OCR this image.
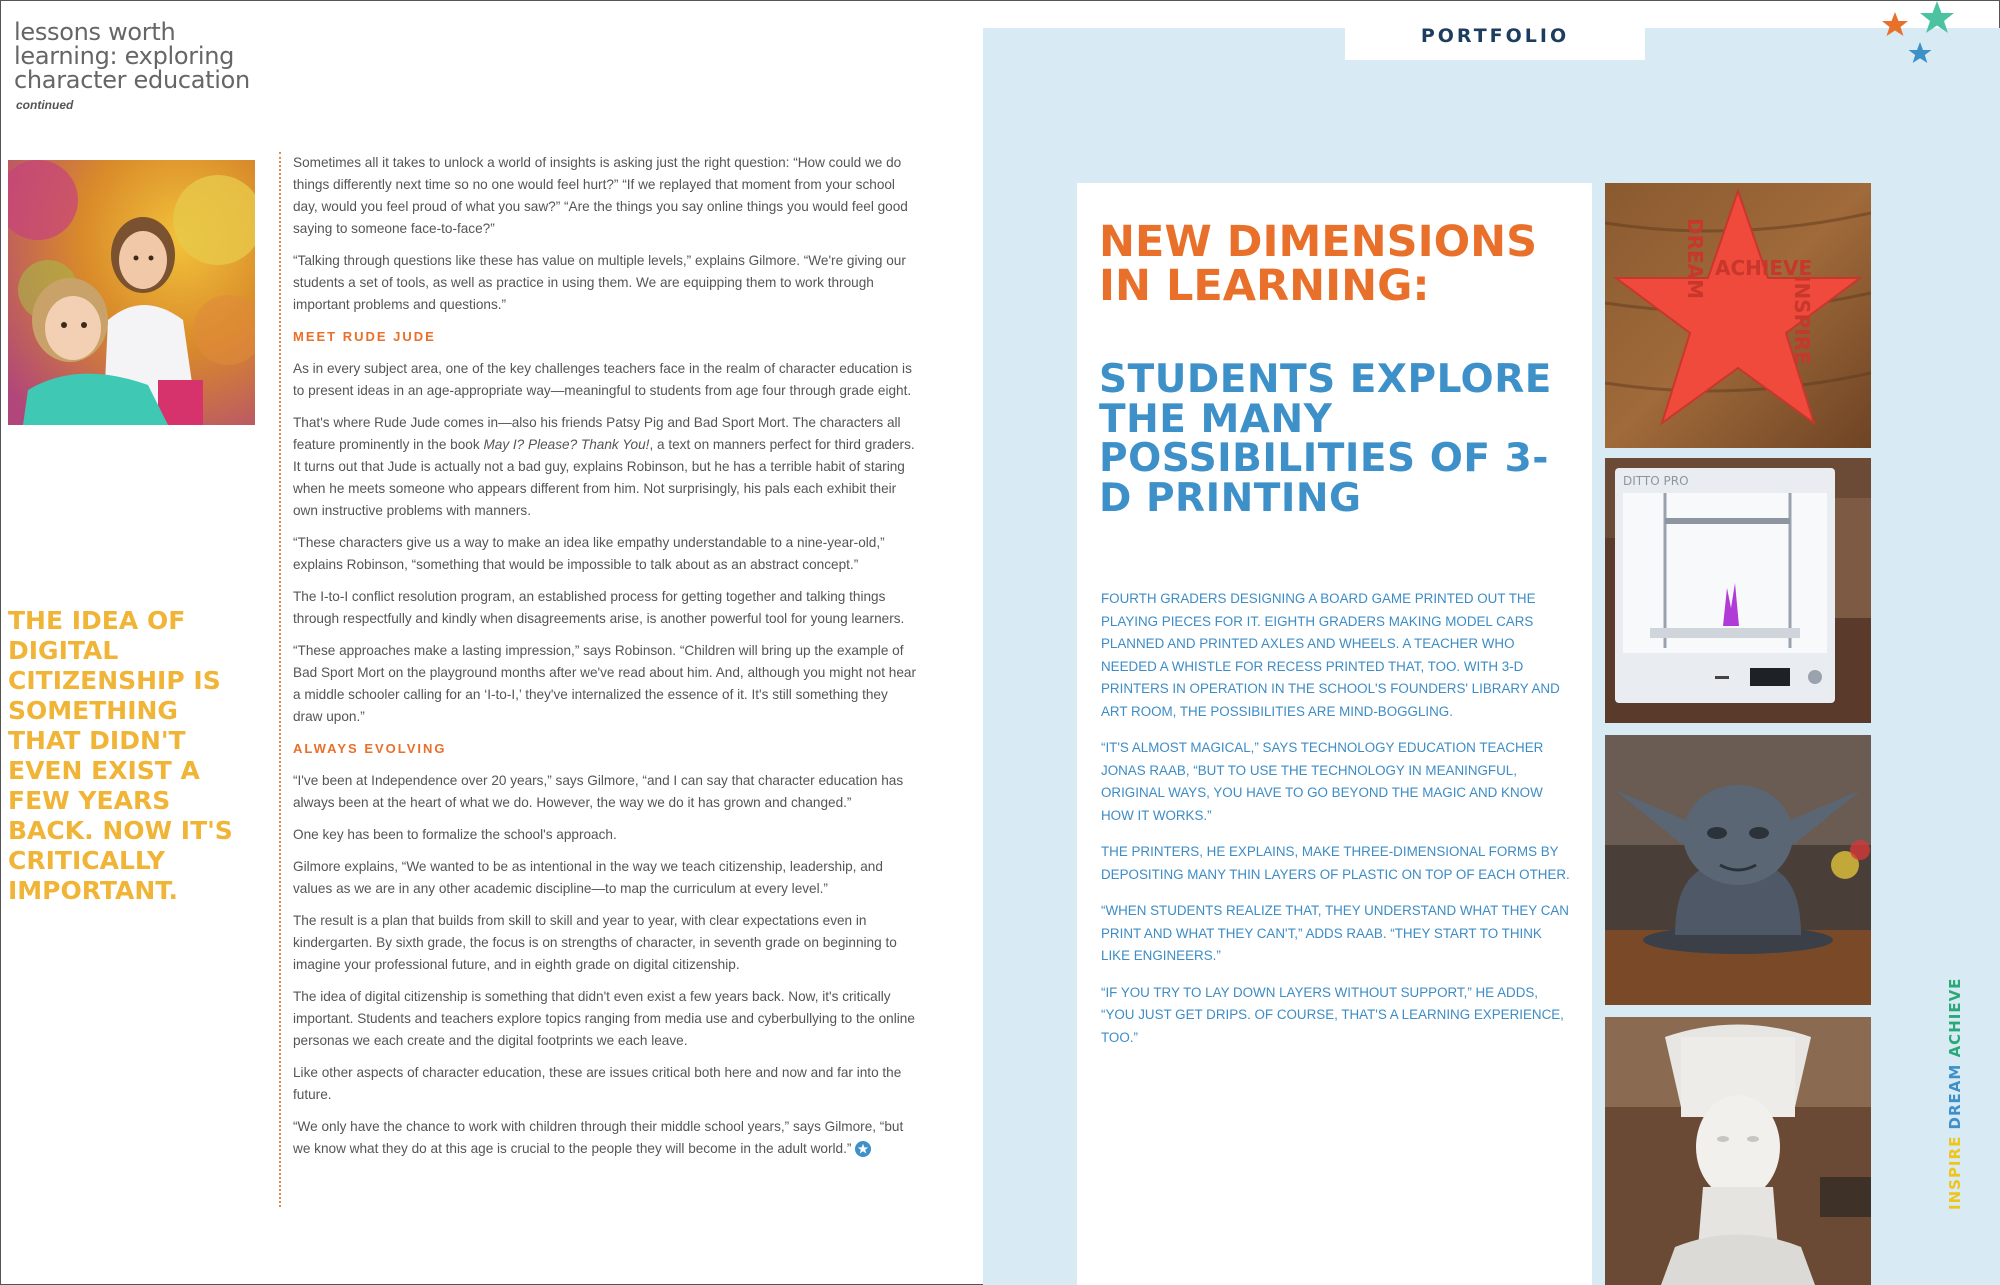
lessons worth learning: exploring character education
continued
THE IDEA OF DIGITAL CITIZENSHIP IS SOMETHING THAT DIDN'T EVEN EXIST A FEW YEARS BACK. NOW IT'S CRITICALLY IMPORTANT.

Sometimes all it takes to unlock a world of insights is asking just the right question: “How could we do things differently next time so no one would feel hurt?” “If we replayed that moment from your school day, would you feel proud of what you saw?” “Are the things you say online things you would feel good saying to someone face-to-face?”

“Talking through questions like these has value on multiple levels,” explains Gilmore. “We're giving our students a set of tools, as well as practice in using them. We are equipping them to work through important problems and questions.”

MEET RUDE JUDE

As in every subject area, one of the key challenges teachers face in the realm of character education is to present ideas in an age-appropriate way—meaningful to students from age four through grade eight.

That's where Rude Jude comes in—also his friends Patsy Pig and Bad Sport Mort. The characters all feature prominently in the book May I? Please? Thank You!, a text on manners perfect for third graders. It turns out that Jude is actually not a bad guy, explains Robinson, but he has a terrible habit of staring when he meets someone who appears different from him. Not surprisingly, his pals each exhibit their own instructive problems with manners.

“These characters give us a way to make an idea like empathy understandable to a nine-year-old,” explains Robinson, “something that would be impossible to talk about as an abstract concept.”

The I-to-I conflict resolution program, an established process for getting together and talking things through respectfully and kindly when disagreements arise, is another powerful tool for young learners.

“These approaches make a lasting impression,” says Robinson. “Children will bring up the example of Bad Sport Mort on the playground months after we've read about him. And, although you might not hear a middle schooler calling for an ‘I-to-I,’ they've internalized the essence of it. It's still something they draw upon.”

ALWAYS EVOLVING

“I've been at Independence over 20 years,” says Gilmore, “and I can say that character education has always been at the heart of what we do. However, the way we do it has grown and changed.”

One key has been to formalize the school's approach.

Gilmore explains, “We wanted to be as intentional in the way we teach citizenship, leadership, and values as we are in any other academic discipline—to map the curriculum at every level.”

The result is a plan that builds from skill to skill and year to year, with clear expectations even in kindergarten. By sixth grade, the focus is on strengths of character, in seventh grade on beginning to imagine your professional future, and in eighth grade on digital citizenship.

The idea of digital citizenship is something that didn't even exist a few years back. Now, it's critically important. Students and teachers explore topics ranging from media use and cyberbullying to the online personas we each create and the digital footprints we each leave.

Like other aspects of character education, these are issues critical both here and now and far into the future.

“We only have the chance to work with children through their middle school years,” says Gilmore, “but we know what they do at this age is crucial to the people they will become in the adult world.”

PORTFOLIO
NEW DIMENSIONS IN LEARNING:
STUDENTS EXPLORE THE MANY POSSIBILITIES OF 3-D PRINTING

FOURTH GRADERS DESIGNING A BOARD GAME PRINTED OUT THE PLAYING PIECES FOR IT. EIGHTH GRADERS MAKING MODEL CARS PLANNED AND PRINTED AXLES AND WHEELS. A TEACHER WHO NEEDED A WHISTLE FOR RECESS PRINTED THAT, TOO. WITH 3-D PRINTERS IN OPERATION IN THE SCHOOL'S FOUNDERS' LIBRARY AND ART ROOM, THE POSSIBILITIES ARE MIND-BOGGLING.

“IT'S ALMOST MAGICAL,” SAYS TECHNOLOGY EDUCATION TEACHER JONAS RAAB, “BUT TO USE THE TECHNOLOGY IN MEANINGFUL, ORIGINAL WAYS, YOU HAVE TO GO BEYOND THE MAGIC AND KNOW HOW IT WORKS.”

THE PRINTERS, HE EXPLAINS, MAKE THREE-DIMENSIONAL FORMS BY DEPOSITING MANY THIN LAYERS OF PLASTIC ON TOP OF EACH OTHER.

“WHEN STUDENTS REALIZE THAT, THEY UNDERSTAND WHAT THEY CAN PRINT AND WHAT THEY CAN'T,” ADDS RAAB. “THEY START TO THINK LIKE ENGINEERS.”

“IF YOU TRY TO LAY DOWN LAYERS WITHOUT SUPPORT,” HE ADDS, “YOU JUST GET DRIPS. OF COURSE, THAT'S A LEARNING EXPERIENCE, TOO.”

DREAM ACHIEVE
INSPIRE
DITTO PRO
INSPIRE DREAM ACHIEVE
